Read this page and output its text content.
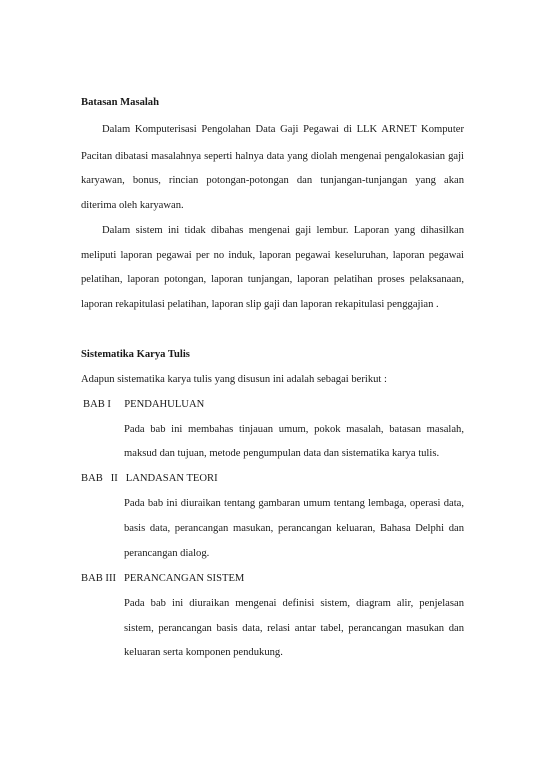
Batasan Masalah
Dalam Komputerisasi Pengolahan Data Gaji Pegawai di LLK ARNET Komputer
Pacitan dibatasi masalahnya seperti halnya data yang diolah mengenai pengalokasian gaji
karyawan, bonus, rincian potongan-potongan dan tunjangan-tunjangan yang akan
diterima oleh karyawan.
Dalam sistem ini tidak dibahas mengenai gaji lembur. Laporan yang dihasilkan
meliputi laporan pegawai per no induk, laporan pegawai keseluruhan, laporan pegawai
pelatihan, laporan potongan, laporan tunjangan, laporan pelatihan proses pelaksanaan,
laporan rekapitulasi pelatihan, laporan slip gaji dan laporan rekapitulasi penggajian .
Sistematika Karya Tulis
Adapun sistematika karya tulis yang disusun ini adalah sebagai berikut :
BAB I     PENDAHULUAN
Pada bab ini membahas tinjauan umum, pokok masalah, batasan masalah,
maksud dan tujuan, metode pengumpulan data dan sistematika karya tulis.
BAB   II   LANDASAN TEORI
Pada bab ini diuraikan tentang gambaran umum tentang lembaga, operasi data,
basis data, perancangan masukan, perancangan keluaran, Bahasa Delphi dan
perancangan dialog.
BAB III   PERANCANGAN SISTEM
Pada bab ini diuraikan mengenai definisi sistem, diagram alir, penjelasan
sistem, perancangan basis data, relasi antar tabel, perancangan masukan dan
keluaran serta komponen pendukung.
